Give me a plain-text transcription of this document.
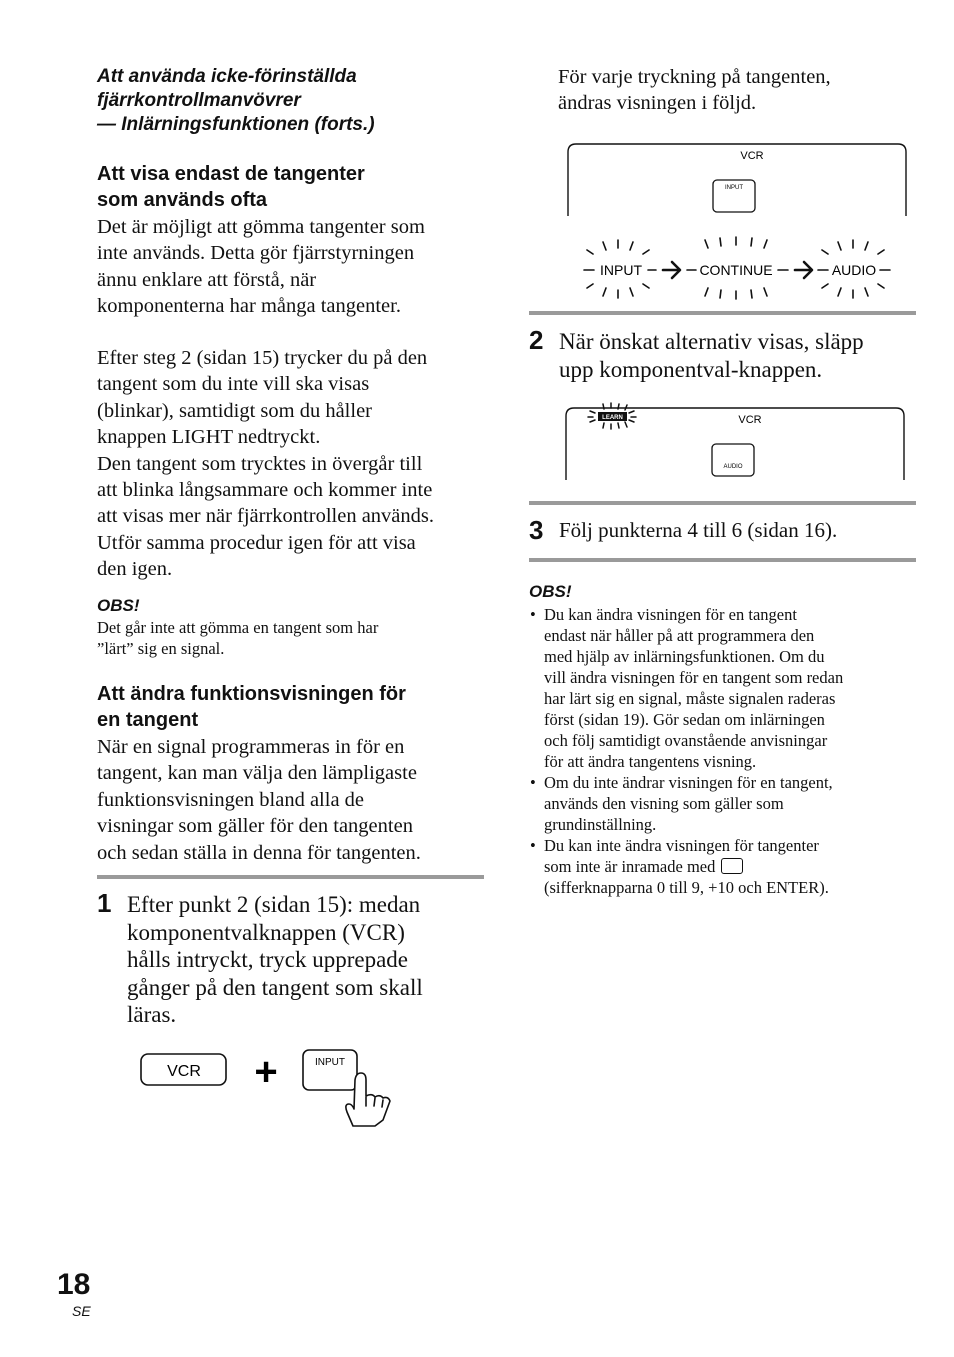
Att använda icke-förinställda
fjärrkontrollmanvövrer
— Inlärningsfunktionen (forts.)
Att visa endast de tangenter
som används ofta
Det är möjligt att gömma tangenter som
inte används. Detta gör fjärrstyrningen
ännu enklare att förstå, när
komponenterna har många tangenter.
Efter steg 2 (sidan 15) trycker du på den
tangent som du inte vill ska visas
(blinkar), samtidigt som du håller
knappen LIGHT nedtryckt.
Den tangent som trycktes in övergår till
att blinka långsammare och kommer inte
att visas mer när fjärrkontrollen används.
Utför samma procedur igen för att visa
den igen.
OBS!
Det går inte att gömma en tangent som har
”lärt” sig en signal.
Att ändra funktionsvisningen för
en tangent
När en signal programmeras in för en
tangent, kan man välja den lämpligaste
funktionsvisningen bland alla de
visningar som gäller för den tangenten
och sedan ställa in denna för tangenten.
1 Efter punkt 2 (sidan 15): medan
komponentvalknappen (VCR)
hålls intryckt, tryck upprepade
gånger på den tangent som skall
läras.
VCR +	INPUT
För varje tryckning på tangenten,
ändras visningen i följd.
VCR
INPUT
INPUT	CONTINUE	AUDIO
2 När önskat alternativ visas, släpp
upp komponentval-knappen.
LEARN	VCR
AUDIO
3 Följ punkterna 4 till 6 (sidan 16).
OBS!
• Du kan ändra visningen för en tangent
endast när håller på att programmera den
med hjälp av inlärningsfunktionen. Om du
vill ändra visningen för en tangent som redan
har lärt sig en signal, måste signalen raderas
först (sidan 19). Gör sedan om inlärningen
och följ samtidigt ovanstående anvisningar
för att ändra tangentens visning.
• Om du inte ändrar visningen för en tangent,
används den visning som gäller som
grundinställning.
• Du kan inte ändra visningen för tangenter
som inte är inramade med
(sifferknapparna 0 till 9, +10 och ENTER).
18
SE
